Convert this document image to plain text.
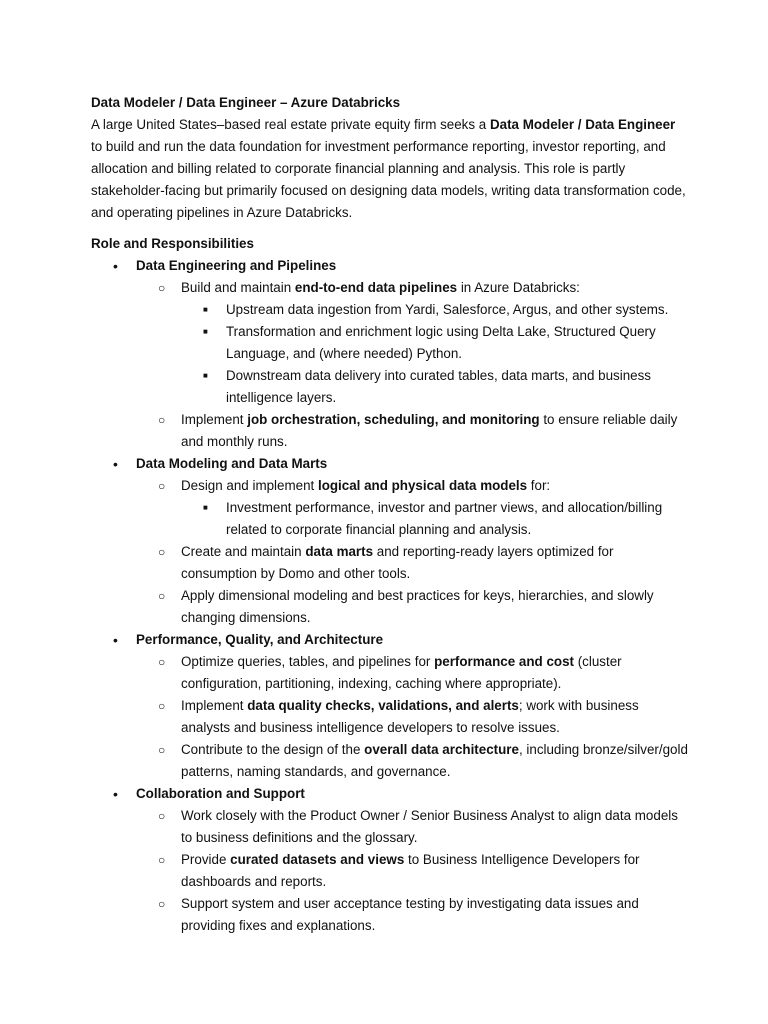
Data Modeler / Data Engineer – Azure Databricks

A large United States–based real estate private equity firm seeks a Data Modeler / Data Engineer to build and run the data foundation for investment performance reporting, investor reporting, and allocation and billing related to corporate financial planning and analysis. This role is partly stakeholder-facing but primarily focused on designing data models, writing data transformation code, and operating pipelines in Azure Databricks.

Role and Responsibilities

• Data Engineering and Pipelines
○ Build and maintain end-to-end data pipelines in Azure Databricks:
■ Upstream data ingestion from Yardi, Salesforce, Argus, and other systems.
■ Transformation and enrichment logic using Delta Lake, Structured Query Language, and (where needed) Python.
■ Downstream data delivery into curated tables, data marts, and business intelligence layers.
○ Implement job orchestration, scheduling, and monitoring to ensure reliable daily and monthly runs.
• Data Modeling and Data Marts
○ Design and implement logical and physical data models for:
■ Investment performance, investor and partner views, and allocation/billing related to corporate financial planning and analysis.
○ Create and maintain data marts and reporting-ready layers optimized for consumption by Domo and other tools.
○ Apply dimensional modeling and best practices for keys, hierarchies, and slowly changing dimensions.
• Performance, Quality, and Architecture
○ Optimize queries, tables, and pipelines for performance and cost (cluster configuration, partitioning, indexing, caching where appropriate).
○ Implement data quality checks, validations, and alerts; work with business analysts and business intelligence developers to resolve issues.
○ Contribute to the design of the overall data architecture, including bronze/silver/gold patterns, naming standards, and governance.
• Collaboration and Support
○ Work closely with the Product Owner / Senior Business Analyst to align data models to business definitions and the glossary.
○ Provide curated datasets and views to Business Intelligence Developers for dashboards and reports.
○ Support system and user acceptance testing by investigating data issues and providing fixes and explanations.
